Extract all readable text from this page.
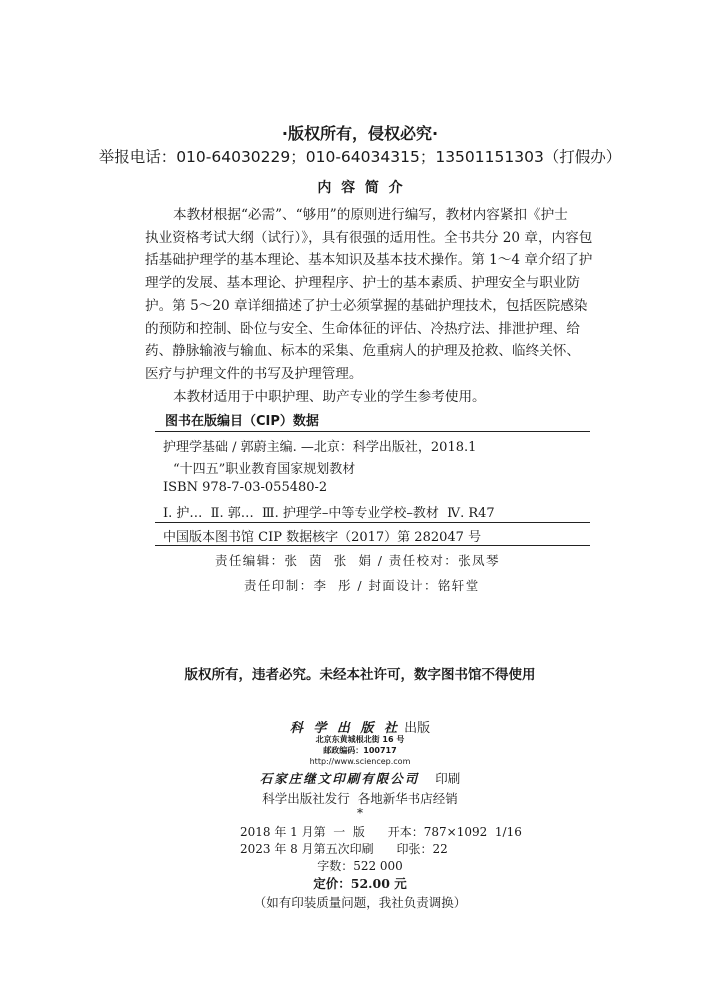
·版权所有，侵权必究·
举报电话：010-64030229；010-64034315；13501151303（打假办）
内  容  简  介
本教材根据“必需”、“够用”的原则进行编写，教材内容紧扣《护士
执业资格考试大纲（试行）》，具有很强的适用性。全书共分 20 章，内容包
括基础护理学的基本理论、基本知识及基本技术操作。第 1～4 章介绍了护
理学的发展、基本理论、护理程序、护士的基本素质、护理安全与职业防
护。第 5～20 章详细描述了护士必须掌握的基础护理技术，包括医院感染
的预防和控制、卧位与安全、生命体征的评估、冷热疗法、排泄护理、给
药、静脉输液与输血、标本的采集、危重病人的护理及抢救、临终关怀、
医疗与护理文件的书写及护理管理。
本教材适用于中职护理、助产专业的学生参考使用。
图书在版编目（CIP）数据
护理学基础 / 郭蔚主编. —北京：科学出版社，2018.1
“十四五”职业教育国家规划教材
ISBN 978-7-03-055480-2
Ⅰ. 护…  Ⅱ. 郭…  Ⅲ. 护理学–中等专业学校–教材  Ⅳ. R47
中国版本图书馆 CIP 数据核字（2017）第 282047 号
责任编辑：张  茵  张  娟 / 责任校对：张凤琴
责任印制：李  彤 / 封面设计：铭轩堂
版权所有，违者必究。未经本社许可，数字图书馆不得使用
科 学 出 版 社 出版
北京东黄城根北街 16 号
邮政编码：100717
http://www.sciencep.com
石家庄继文印刷有限公司 印刷
科学出版社发行  各地新华书店经销
*
2018 年 1 月第  一  版      开本：787×1092  1/16
2023 年 8 月第五次印刷      印张：22
字数：522 000
定价：52.00 元
（如有印装质量问题，我社负责调换）
